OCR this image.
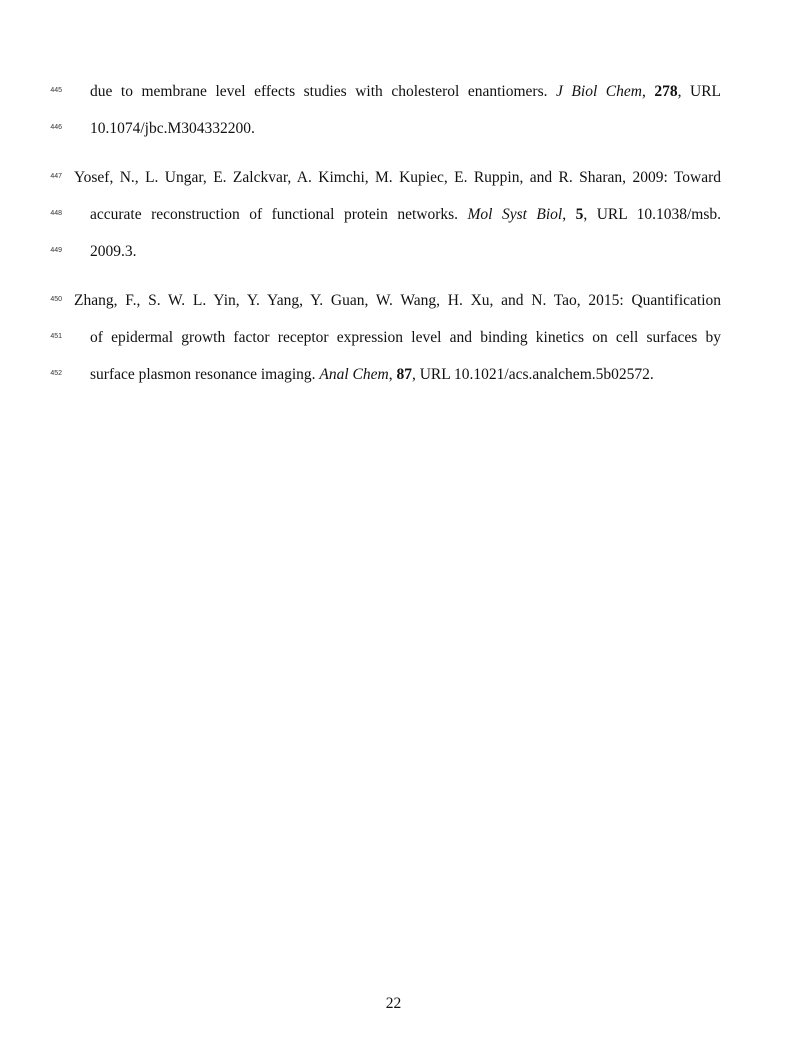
445 due to membrane level effects studies with cholesterol enantiomers. J Biol Chem, 278, URL
446 10.1074/jbc.M304332200.
447 Yosef, N., L. Ungar, E. Zalckvar, A. Kimchi, M. Kupiec, E. Ruppin, and R. Sharan, 2009: Toward
448 accurate reconstruction of functional protein networks. Mol Syst Biol, 5, URL 10.1038/msb.
449 2009.3.
450 Zhang, F., S. W. L. Yin, Y. Yang, Y. Guan, W. Wang, H. Xu, and N. Tao, 2015: Quantification
451 of epidermal growth factor receptor expression level and binding kinetics on cell surfaces by
452 surface plasmon resonance imaging. Anal Chem, 87, URL 10.1021/acs.analchem.5b02572.
22
